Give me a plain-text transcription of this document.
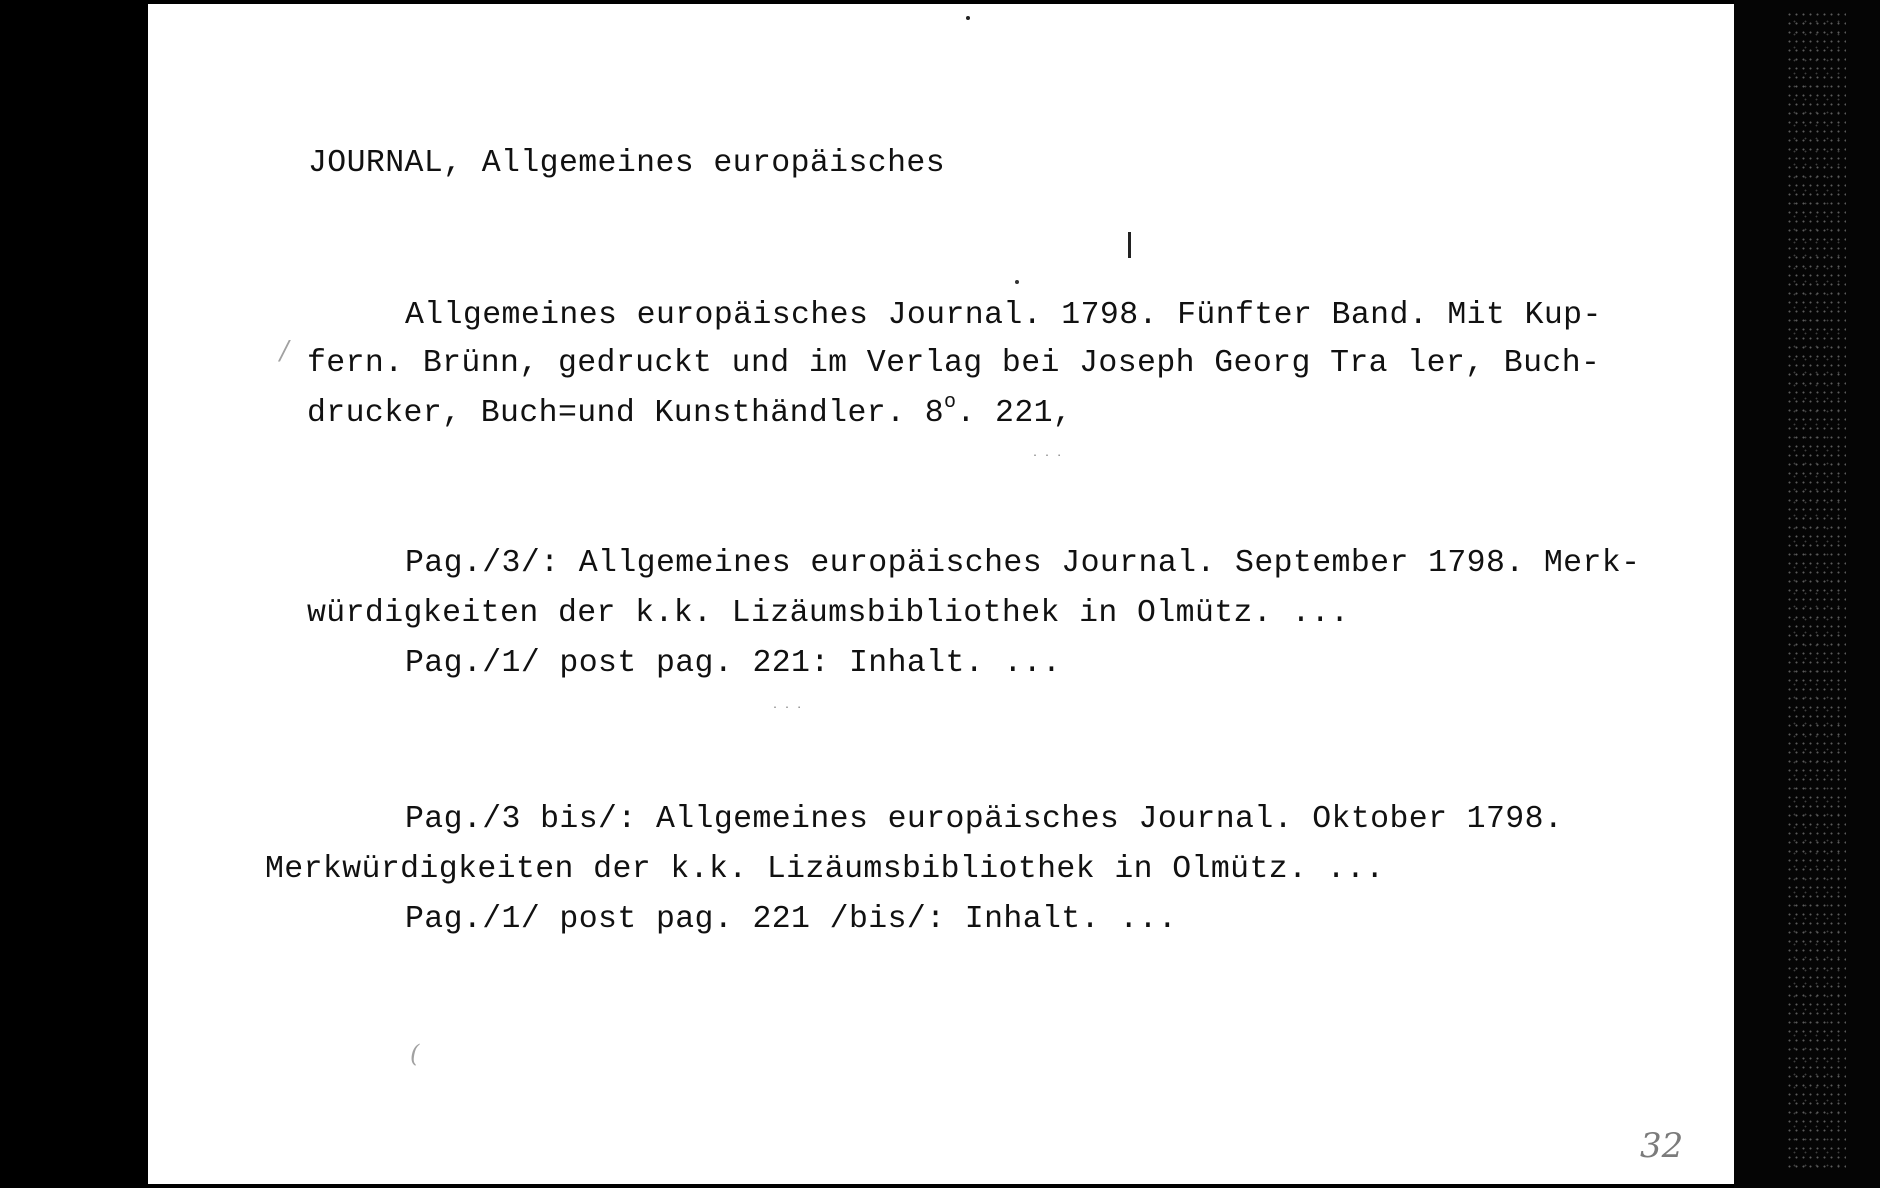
JOURNAL, Allgemeines europäisches
/
Allgemeines europäisches Journal. 1798. Fünfter Band. Mit Kup-
fern. Brünn, gedruckt und im Verlag bei Joseph Georg Tra ler, Buch-
drucker, Buch=und Kunsthändler. 8$^o$. 221,
. . .
Pag./3/: Allgemeines europäisches Journal. September 1798. Merk-
würdigkeiten der k.k. Lizäumsbibliothek in Olmütz. ...
Pag./1/ post pag. 221: Inhalt. ...
. . .
Pag./3 bis/: Allgemeines europäisches Journal. Oktober 1798.
Merkwürdigkeiten der k.k. Lizäumsbibliothek in Olmütz. ...
Pag./1/ post pag. 221 /bis/: Inhalt. ...
(
32
